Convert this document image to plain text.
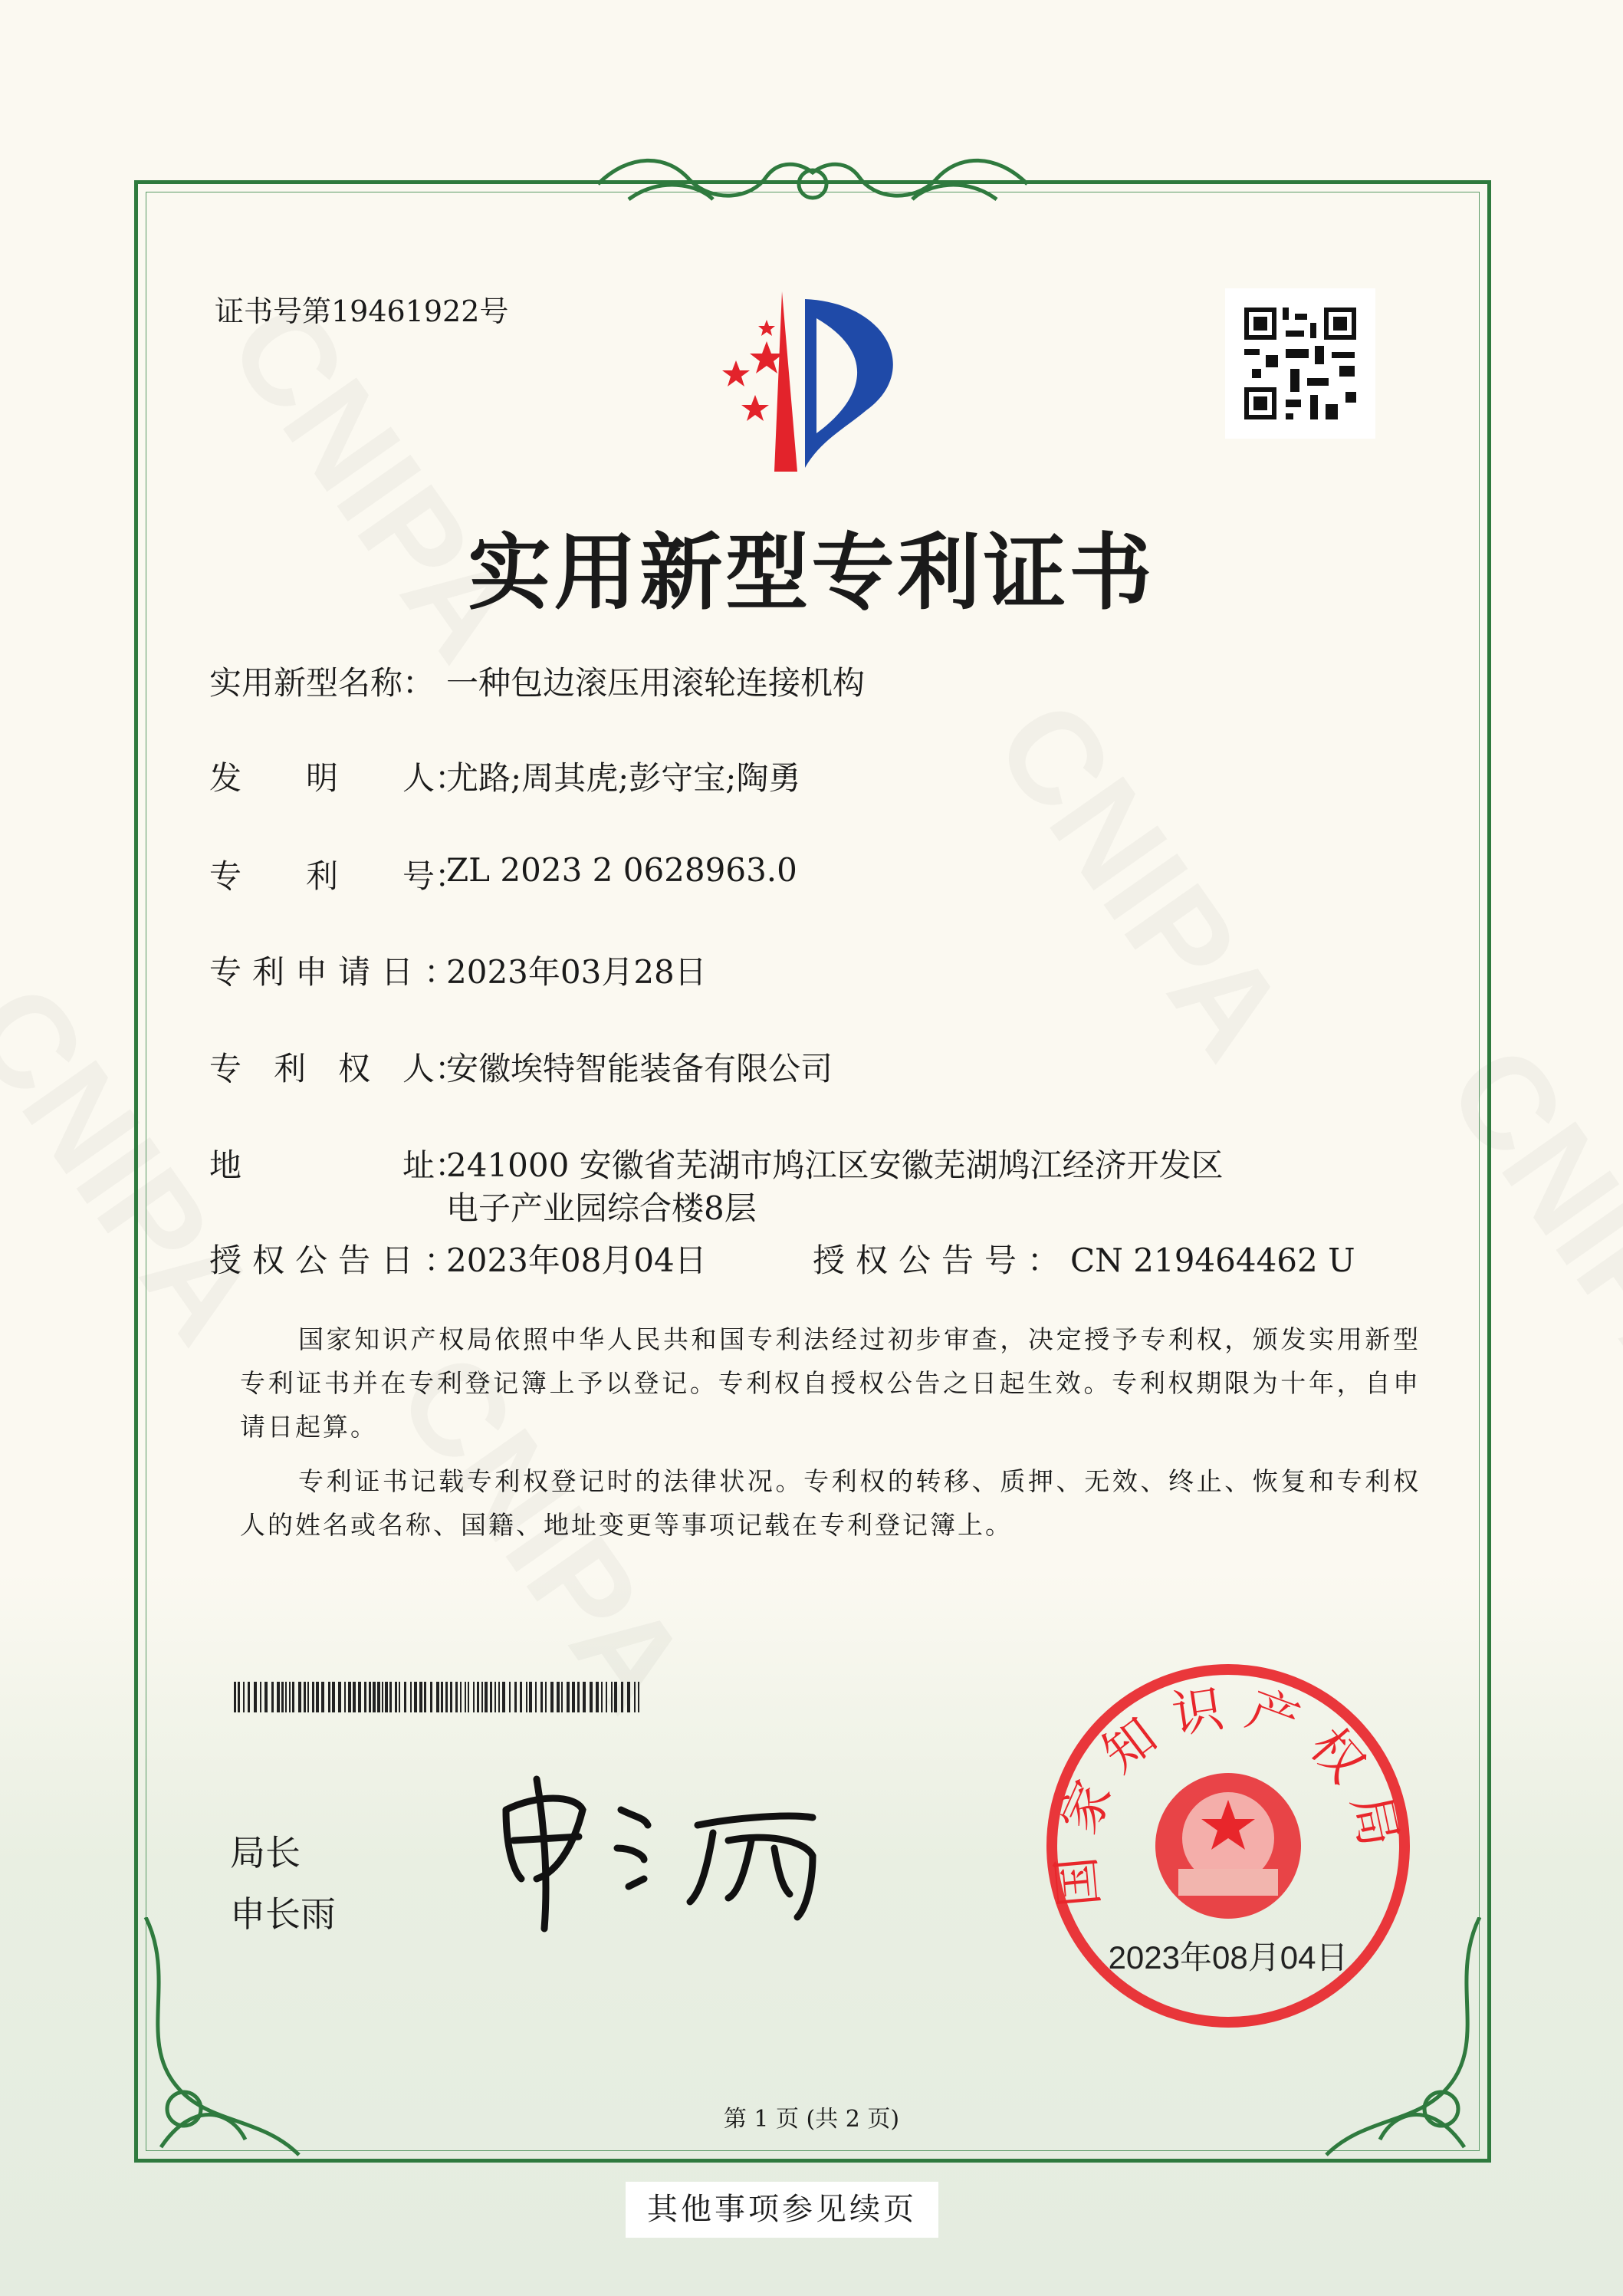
证书号第19461922号
实用新型专利证书
实用新型名称： 一种包边滚压用滚轮连接机构
发　　明　　人：
尤路;周其虎;彭守宝;陶勇
专　　利　　号：
ZL 2023 2 0628963.0
专利申请日：
2023年03月28日
专　利　权　人：
安徽埃特智能装备有限公司
地　　　　　址：
241000 安徽省芜湖市鸠江区安徽芜湖鸠江经济开发区
电子产业园综合楼8层
授权公告日：
2023年08月04日	授权公告号：CN 219464462 U

国家知识产权局依照中华人民共和国专利法经过初步审查，决定授予专利权，颁发实用新型专利证书并在专利登记簿上予以登记。专利权自授权公告之日起生效。专利权期限为十年，自申请日起算。

专利证书记载专利权登记时的法律状况。专利权的转移、质押、无效、终止、恢复和专利权人的姓名或名称、国籍、地址变更等事项记载在专利登记簿上。

局长
申长雨
国家知识产权局
2023年08月04日
第 1 页 (共 2 页)
其他事项参见续页
